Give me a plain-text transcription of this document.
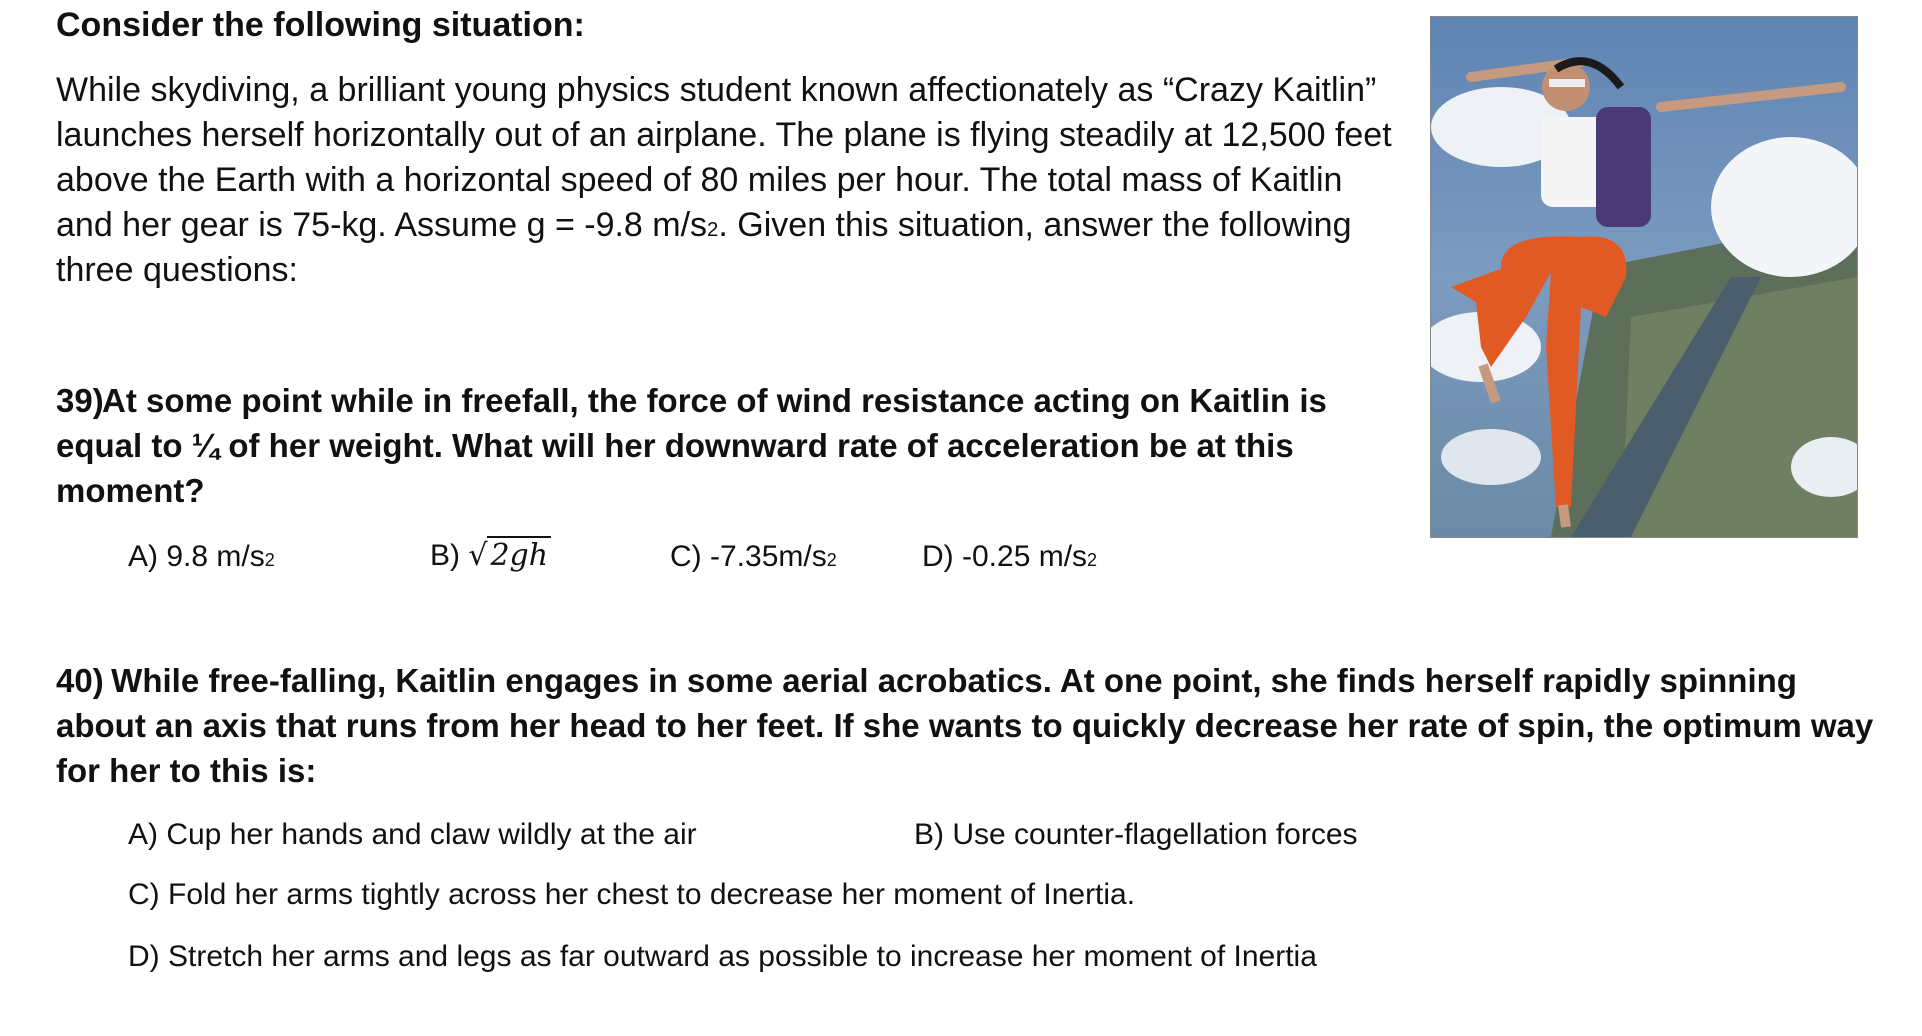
Consider the following situation:
While skydiving, a brilliant young physics student known affectionately as “Crazy Kaitlin” launches herself horizontally out of an airplane. The plane is flying steadily at 12,500 feet above the Earth with a horizontal speed of 80 miles per hour. The total mass of Kaitlin and her gear is 75-kg. Assume g = -9.8 $m/s^2$. Given this situation, answer the following three questions:
39)At some point while in freefall, the force of wind resistance acting on Kaitlin is equal to ¼ of her weight. What will her downward rate of acceleration be at this moment?
A) 9.8 $m/s^2$	B) √ 2gh	C) $-7.35m/s^2$	D) -0.25 $m/s^2$
40) While free-falling, Kaitlin engages in some aerial acrobatics. At one point, she finds herself rapidly spinning about an axis that runs from her head to her feet. If she wants to quickly decrease her rate of spin, the optimum way for her to this is:
A) Cup her hands and claw wildly at the air	B) Use counter-flagellation forces
C) Fold her arms tightly across her chest to decrease her moment of Inertia.
D) Stretch her arms and legs as far outward as possible to increase her moment of Inertia
